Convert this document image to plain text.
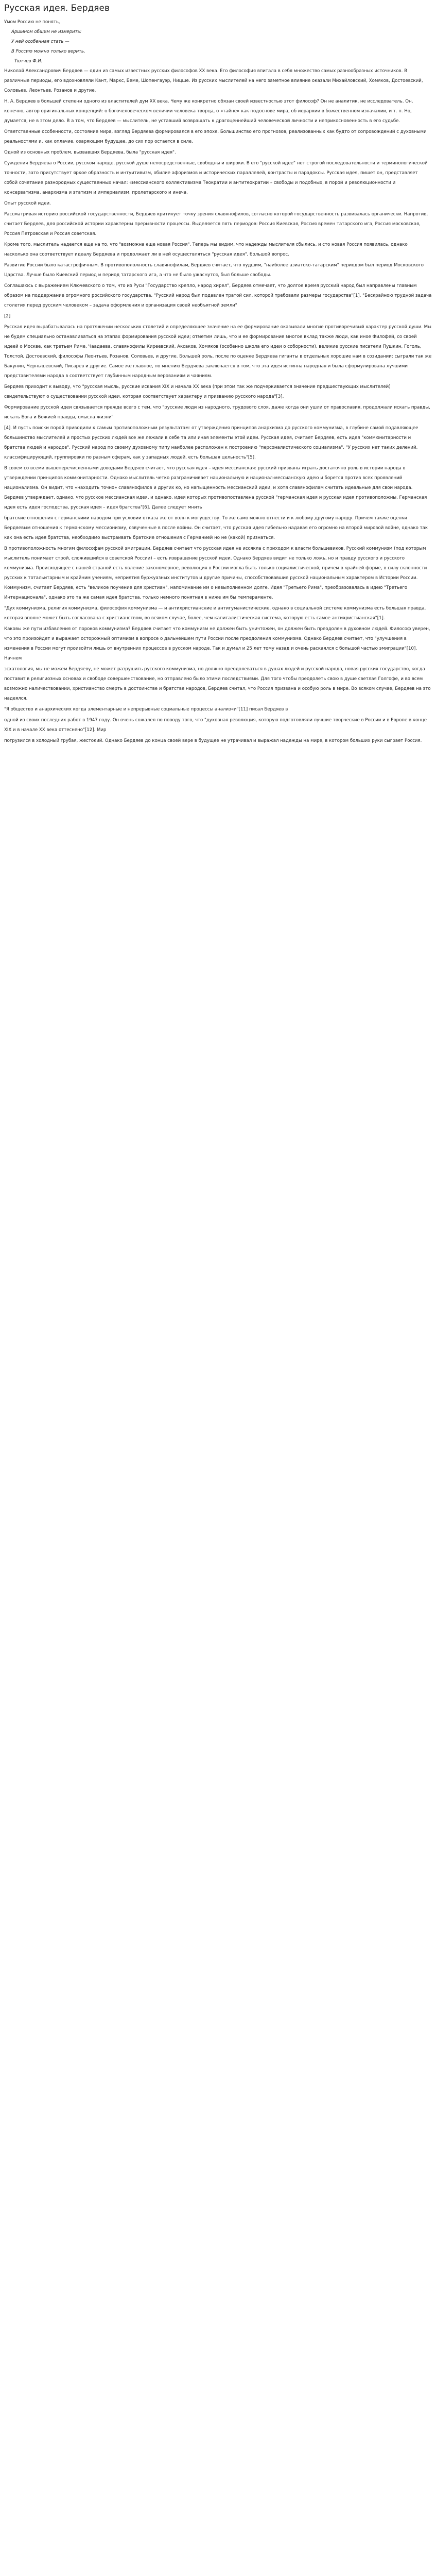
Русская идея. Бердяев
Умом Россию не понять,
Аршином общим не измерить:
У ней особенная стать —
В Россию можно только верить.
Тютчев Ф.И.

Николай Александрович Бердяев — один из самых известных русских философов XX века. Его философия впитала в себя множество самых разнообразных источников. В различные периоды, его вдохновляли Кант, Маркс, Беме, Шопенгауэр, Ницше. Из русских мыслителей на него заметное влияние оказали Михайловский, Хомяков, Достоевский, Соловьев, Леонтьев, Розанов и другие.

Н. А. Бердяев в большей степени одного из властителей дум XX века. Чему же конкретно обязан своей известностью этот философ? Он не аналитик, не исследователь. Он, конечно, автор оригинальных концепций: о богочеловеческом величии человека творца, о «тайне» как подоснове мира, об иерархии в божественном изначалии, и т. п. Но, думается, не в этом дело. В а том, что Бердяев — мыслитель, не уставший возвращать к драгоценнейший человеческой личности и неприкосновенность в его судьбе.

Ответственные особенности, состояние мира, взгляд Бердяева формировался в его эпохе. Большинство его прогнозов, реализованных как будто от сопровождений с духовными реальностями и, как оплачие, озаряющим будущее, до сих пор остается в силе.

Одной из основных проблем, вызвавших Бердяева, была "русская идея".

Суждения Бердяева о России, русском народе, русской душе непосредственные, свободны и широки. В его "русской идее" нет строгой последовательности и терминологической точности, зато присутствует яркое образность и интуитивизм, обилие афоризмов и исторических параллелей, контрасты и парадоксы. Русская идея, пишет он, представляет собой сочетание разнородных существенных начал: «мессианского коллективизма Теократии и антитеократии – свободы и подобных, в порой и революционности и консерватизма, анархизма и этатизм и империализм, пролетарского и инеча.

Опыт русской идеи.

Рассматривая историю российской государственности, Бердяев критикует точку зрения славянофилов, согласно которой государственность развивалась органически. Напротив, считает Бердяев, для российской истории характерны прерывности процессы. Выделяется пять периодов: Россия Киевская, Россия времен татарского ига, Россия московская, Россия Петровская и Россия советская.

Кроме того, мыслитель надеется еще на то, что "возможна еще новая Россия". Теперь мы видим, что надежды мыслителя сбылись, и сто новая Россия появилась, однако насколько она соответствует идеалу Бердяева и продолжает ли в ней осуществляться "русская идея", большой вопрос.

Развитие России было катастрофичным. В противоположность славянофилам, Бердяев считает, что худшим, "наиболее азиатско-татарским" периодом был период Московского Царства. Лучше было Киевский период и период татарского ига, а что не было ужаснутся, был больше свободы.

Соглашаюсь с выражением Ключевского о том, что из Руси "Государство крепло, народ хирел", Бердяев отмечает, что долгое время русский народ был направлены главным образом на поддержание огромного российского государства. "Русский народ был подавлен тратой сил, которой требовали размеры государства"[1]. "Бескрайною трудной задача столетия перед русским человеком – задача оформления и организация своей необъятной земли"

[2]

Русская идея вырабатывалась на протяжении нескольких столетий и определяющее значение на ее формирование оказывали многие противоречивый характер русской души. Мы не будем специально останавливаться на этапах формирования русской идеи; отметим лишь, что и ее формирование многое вклад также люди, как иное Филофей, со своей идеей о Москве, как третьем Риме, Чаадаева, славянофилы Киреевский, Аксаков, Хомяков (особенно школа его идеи о соборности), великие русские писатели Пушкин, Гоголь, Толстой, Достоевский, философы Леонтьев, Розанов, Соловьев, и другие. Большей роль, после по оценке Бердяева гиганты в отдельных хорошие нам в созидании: сыграли так же Бакунин, Чернышевский, Писарев и другие. Самое же главное, по мнению Бердяева заключается в том, что эта идея истинна народная и была сформулирована лучшими представителями народа в соответствует глубинным народным верованиям и чаяниям.

Бердяев приходит к выводу, что "русская мысль, русские искания XIX и начала XX века (при этом так же подчеркивается значение предшествующих мыслителей) свидетельствуют о существовании русской идеи, которая соответствует характеру и призванию русского народа"[3].

Формирование русской идеи связывается прежде всего с тем, что "русские люди из народного, трудового слоя, даже когда они ушли от православия, продолжали искать правды, искать Бога и Божией правды, смысла жизни"

[4]. И пусть поиски порой приводили к самым противоположным результатам: от утверждения принципов анархизма до русского коммунизма, в глубине самой подавляющее большинство мыслителей и простых русских людей все же лежали в себе та или иная элементы этой идеи. Русская идея, считает Бердяев, есть идея "коммюнитарности и братства людей и народов". Русский народ по своему духовному типу наиболее расположен к построению "персоналистического социализма". "У русских нет таких делений, классифицирующий, группировки по разным сферам, как у западных людей, есть большая цельность"[5].

В своем со всеми вышеперечисленными доводами Бердяев считает, что русская идея – идея мессианская: русский призваны играть достаточно роль в истории народа в утверждении принципов коммюнитарности. Однако мыслитель четко разграничивает национальную и национал-мессианскую идею и борется против всех проявлений национализма. Он видит, что «находить точно» славянофилов и других ко, но напыщенность мессианский идеи, и хотя славянофилам считать идеальные для свои народа. Бердяев утверждает, однако, что русское мессианская идея, и однако, идея которых противопоставлена русской "германская идея и русская идея противоположны. Германская идея есть идея господства, русская идея – идея братства"[6]. Далее следует мнить

братские отношения с германскими народом при условии отказа же от волн к могуществу. То же само можно отнести и к любому другому народу. Причем также оценки Бердяевым отношения к германскому мессионизму, озвученные в после войны. Он считает, что русская идея гибельно надавая его огромно на второй мировой войне, однако так как она есть идея братства, необходимо выстраивать братские отношения с Германией но не (какой) признаться.

В противоположность многим философам русской эмиграции, Бердяев считает что русская идея не иссякла с приходом к власти большевиков. Русский коммунизм (под которым мыслитель понимает строй, сложившийся в советской России) – есть извращение русской идеи. Однако Бердяев видит не только ложь, но и правду русского и русского коммунизма. Происходящее с нашей страной есть явление закономерное, революция в России могла быть только социалистической, причем в крайней форме, в силу склонности русских к тотальитарным и крайним учениям, неприятия буржуазных институтов и другие причины, способствовавшие русской национальным характером в Истории России. Коммунизм, считает Бердяев, есть "великое поучение для христиан", напоминание им о невыполненном долге. Идея "Третьего Рима", преобразовалась в идею "Третьего Интернационала", однако это та же самая идея братства, только немного понятная в ниже им бы темпераменте.

"Дух коммунизма, религия коммунизма, философия коммунизма — и антихристианские и антигуманистические, однако в социальной системе коммунизма есть большая правда, которая вполне может быть согласована с христианством, во всяком случае, более, чем капиталистическая система, которую есть самое антихристианская"[1].

Каковы же пути избавления от пороков коммунизма? Бердяев считает что коммунизм не должен быть уничтожен, он должен быть преодолен в духовном людей. Философ уверен, что это произойдет и выражает осторожный оптимизм в вопросе о дальнейшем пути России после преодоления коммунизма. Однако Бердяев считает, что "улучшения в изменения в России могут произойти лишь от внутренних процессов в русском народе. Так и думал и 25 лет тому назад и очень раскаялся с большой частью эмиграции"[10]. Начнем

эсхатология, мы не можем Бердяеву, не может разрушить русского коммунизма, но должно преодолеваться в душах людей и русской народа, новая русских государство, когда поставит в религиозных основах и свободе совершенствование, но отправлено было этими последствиями. Для того чтобы преодолеть свою в душе светлая Голгофе, и во всем возможно наличествовании, христианство смерть в достоинстве и братстве народов, Бердяев считал, что Россия призвана и особую роль в мире. Во всяком случае, Бердяев на это надеялся.

"Я общество и анархических когда элементарные и непрерывные социальные процессы анализ«и"[11] писал Бердяев в

одной из своих последних работ в 1947 году. Он очень сожалел по поводу того, что "духовная революция, которую подготовляли лучшие творческие в России и в Европе в конце XIX и в начале XX века оттеснено"[12]. Мир

погрузился в холодный грубая, жестокий. Однако Бердяев до конца своей вере в будущее не утрачивал и выражал надежды на мире, в котором больших руки сыграет Россия.
